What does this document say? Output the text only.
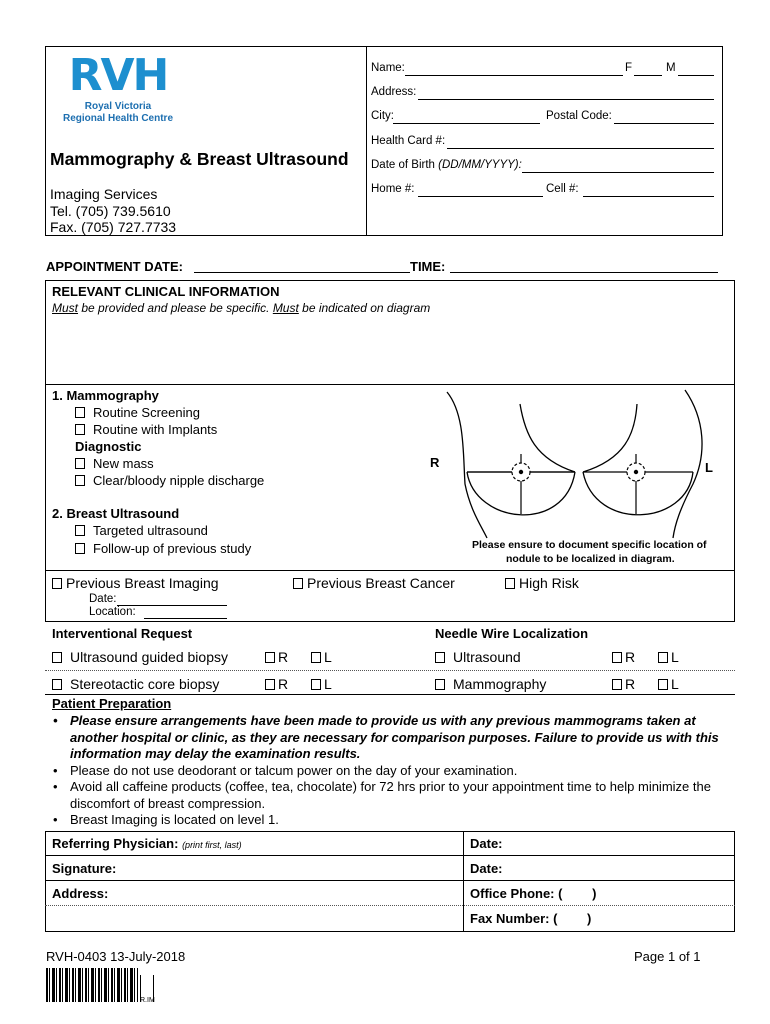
RVH
Royal Victoria
Regional Health Centre
Mammography & Breast Ultrasound
Imaging Services
Tel. (705) 739.5610
Fax. (705) 727.7733
Name:	F	M
Address:
City:	Postal Code:
Health Card #:
Date of Birth (DD/MM/YYYY):
Home #:	Cell #:
APPOINTMENT DATE:	TIME:
RELEVANT CLINICAL INFORMATION
Must be provided and please be specific. Must be indicated on diagram
1. Mammography
Routine Screening
Routine with Implants
Diagnostic
New mass
Clear/bloody nipple discharge
2. Breast Ultrasound
Targeted ultrasound
Follow-up of previous study
R	L
Please ensure to document specific location of
nodule to be localized in diagram.
Previous Breast Imaging	Previous Breast Cancer	High Risk
Date:
Location:
Interventional Request	Needle Wire Localization
Ultrasound guided biopsy	R	L	Ultrasound	R	L
Stereotactic core biopsy	R	L	Mammography	R	L
Patient Preparation
• Please ensure arrangements have been made to provide us with any previous mammograms taken at another hospital or clinic, as they are necessary for comparison purposes. Failure to provide us with this information may delay the examination results.
• Please do not use deodorant or talcum power on the day of your examination.
• Avoid all caffeine products (coffee, tea, chocolate) for 72 hrs prior to your appointment time to help minimize the discomfort of breast compression.
• Breast Imaging is located on level 1.
Referring Physician: (print first, last)	Date:
Signature:	Date:
Address:	Office Phone: ( )
Fax Number: ( )
RVH-0403 13-July-2018	Page 1 of 1
R.IM
